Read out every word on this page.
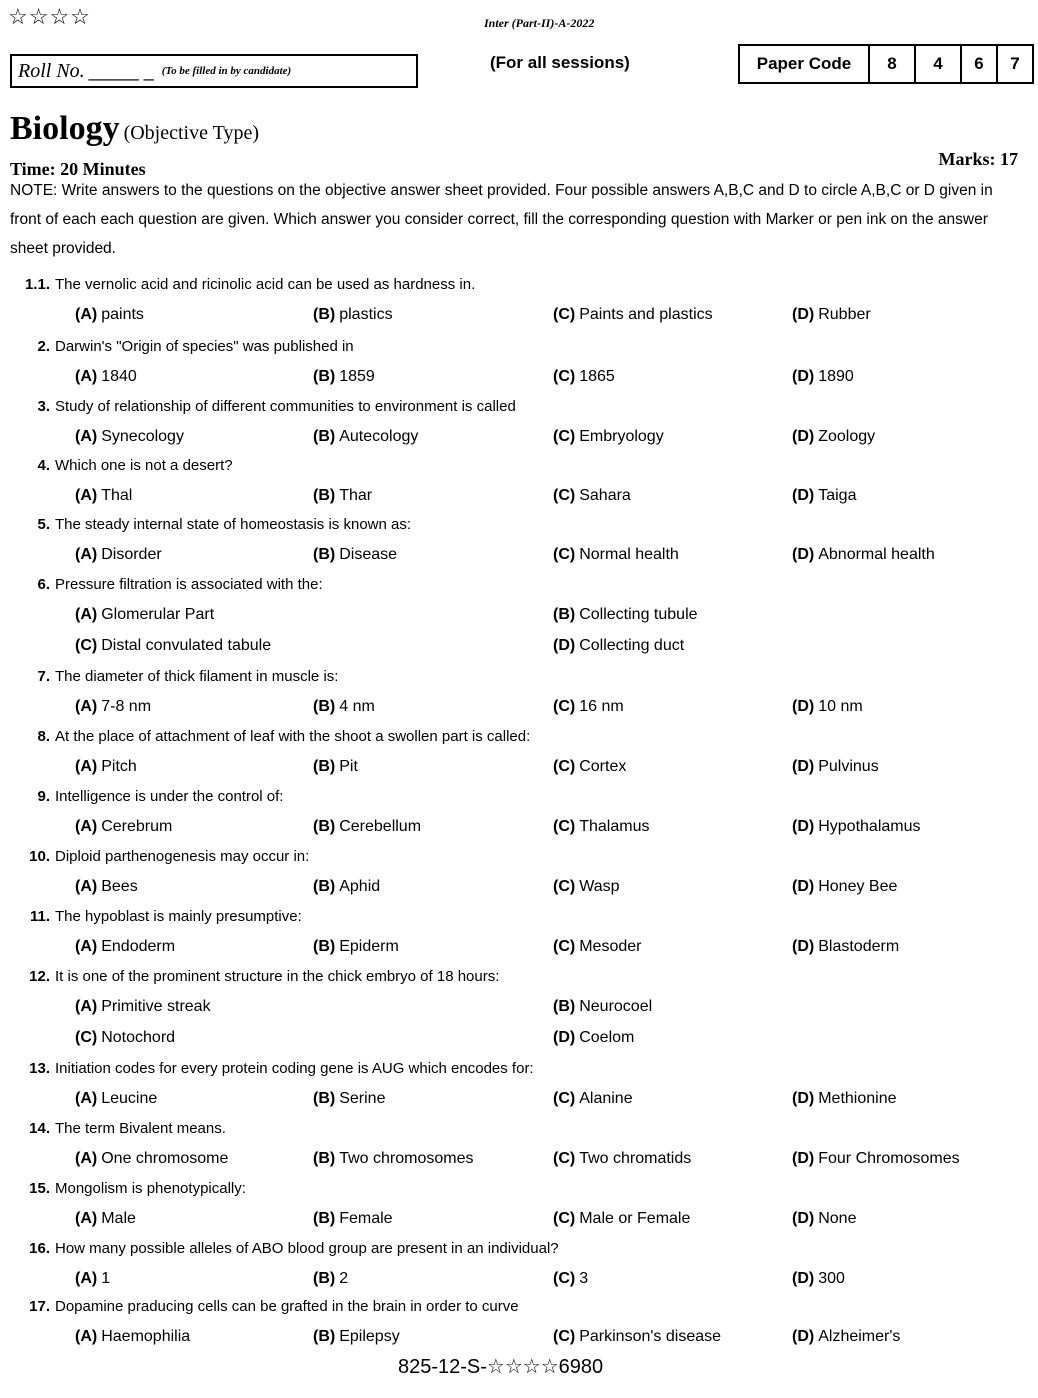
☆☆☆☆	Inter (Part-II)-A-2022
Roll No. _____ _ (To be filled in by candidate)	(For all sessions)	Paper Code	8	4	6	7
Biology (Objective Type)
Time: 20 Minutes	Marks: 17
NOTE: Write answers to the questions on the objective answer sheet provided. Four possible answers A,B,C and D to circle A,B,C or D given in front of each each question are given. Which answer you consider correct, fill the corresponding question with Marker or pen ink on the answer sheet provided.
1.1. The vernolic acid and ricinolic acid can be used as hardness in.
(A) paints	(B) plastics	(C) Paints and plastics	(D) Rubber
2. Darwin's "Origin of species" was published in
(A) 1840	(B) 1859	(C) 1865	(D) 1890
3. Study of relationship of different communities to environment is called
(A) Synecology	(B) Autecology	(C) Embryology	(D) Zoology
4. Which one is not a desert?
(A) Thal	(B) Thar	(C) Sahara	(D) Taiga
5. The steady internal state of homeostasis is known as:
(A) Disorder	(B) Disease	(C) Normal health	(D) Abnormal health
6. Pressure filtration is associated with the:
(A) Glomerular Part	(B) Collecting tubule
(C) Distal convulated tabule	(D) Collecting duct
7. The diameter of thick filament in muscle is:
(A) 7-8 nm	(B) 4 nm	(C) 16 nm	(D) 10 nm
8. At the place of attachment of leaf with the shoot a swollen part is called:
(A) Pitch	(B) Pit	(C) Cortex	(D) Pulvinus
9. Intelligence is under the control of:
(A) Cerebrum	(B) Cerebellum	(C) Thalamus	(D) Hypothalamus
10. Diploid parthenogenesis may occur in:
(A) Bees	(B) Aphid	(C) Wasp	(D) Honey Bee
11. The hypoblast is mainly presumptive:
(A) Endoderm	(B) Epiderm	(C) Mesoder	(D) Blastoderm
12. It is one of the prominent structure in the chick embryo of 18 hours:
(A) Primitive streak	(B) Neurocoel
(C) Notochord	(D) Coelom
13. Initiation codes for every protein coding gene is AUG which encodes for:
(A) Leucine	(B) Serine	(C) Alanine	(D) Methionine
14. The term Bivalent means.
(A) One chromosome	(B) Two chromosomes	(C) Two chromatids	(D) Four Chromosomes
15. Mongolism is phenotypically:
(A) Male	(B) Female	(C) Male or Female	(D) None
16. How many possible alleles of ABO blood group are present in an individual?
(A) 1	(B) 2	(C) 3	(D) 300
17. Dopamine praducing cells can be grafted in the brain in order to curve
(A) Haemophilia	(B) Epilepsy	(C) Parkinson's disease	(D) Alzheimer's
825-12-S-☆☆☆☆6980
